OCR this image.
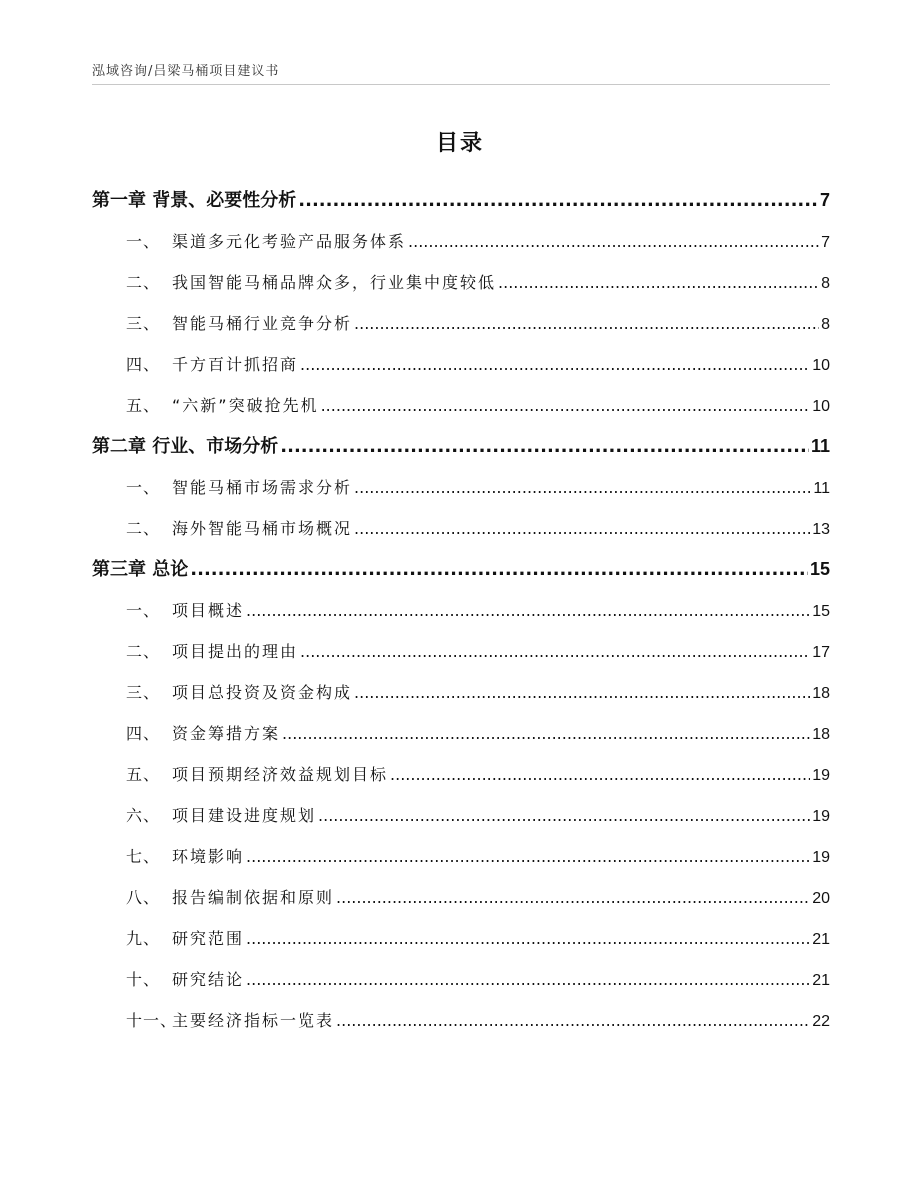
泓域咨询/吕梁马桶项目建议书
目录
第一章 背景、必要性分析 .....	7
一、 渠道多元化考验产品服务体系 .....	7
二、 我国智能马桶品牌众多，行业集中度较低 .....	8
三、 智能马桶行业竞争分析 .....	8
四、 千方百计抓招商 .....	10
五、 “六新”突破抢先机 .....	10
第二章 行业、市场分析 .....	11
一、 智能马桶市场需求分析 .....	11
二、 海外智能马桶市场概况 .....	13
第三章 总论 .....	15
一、 项目概述 .....	15
二、 项目提出的理由 .....	17
三、 项目总投资及资金构成 .....	18
四、 资金筹措方案 .....	18
五、 项目预期经济效益规划目标 .....	19
六、 项目建设进度规划 .....	19
七、 环境影响 .....	19
八、 报告编制依据和原则 .....	20
九、 研究范围 .....	21
十、 研究结论 .....	21
十一、主要经济指标一览表 .....	22
